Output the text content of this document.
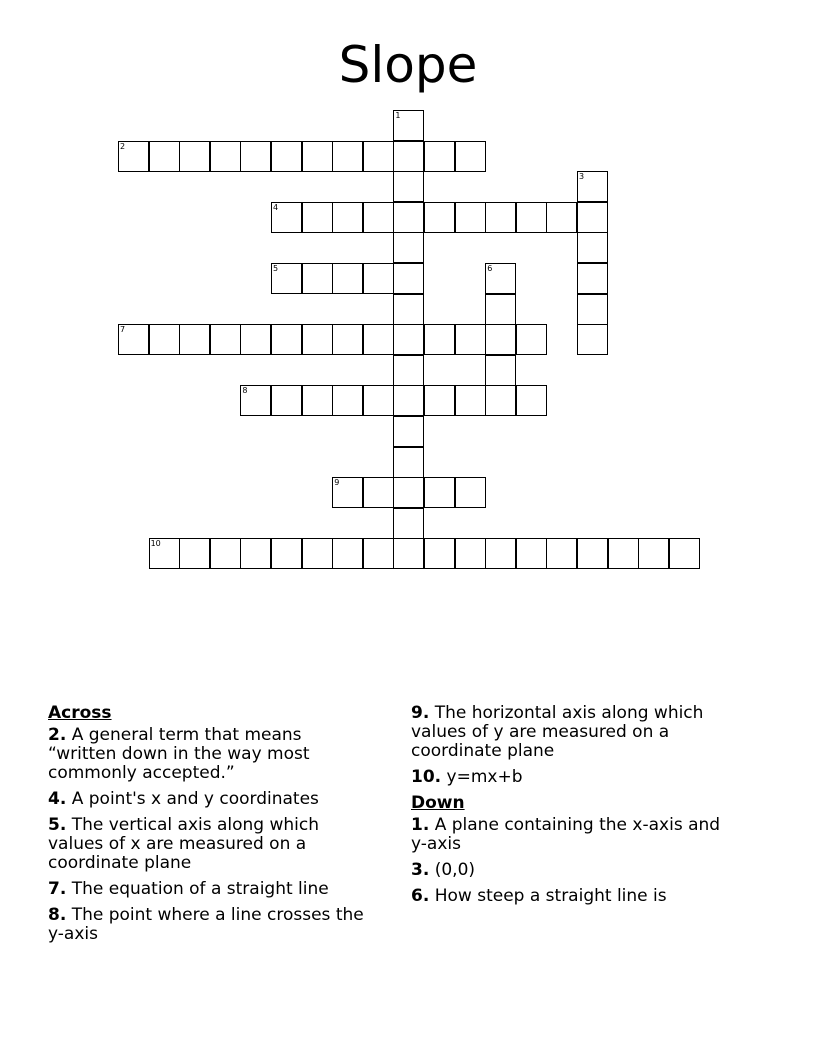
Slope
1
2
3
4
5	6
7
8
9
10
Across
2. A general term that means “written down in the way most commonly accepted.”
4. A point's x and y coordinates
5. The vertical axis along which values of x are measured on a coordinate plane
7. The equation of a straight line
8. The point where a line crosses the y-axis
9. The horizontal axis along which values of y are measured on a coordinate plane
10. y=mx+b
Down
1. A plane containing the x-axis and y-axis
3. (0,0)
6. How steep a straight line is
